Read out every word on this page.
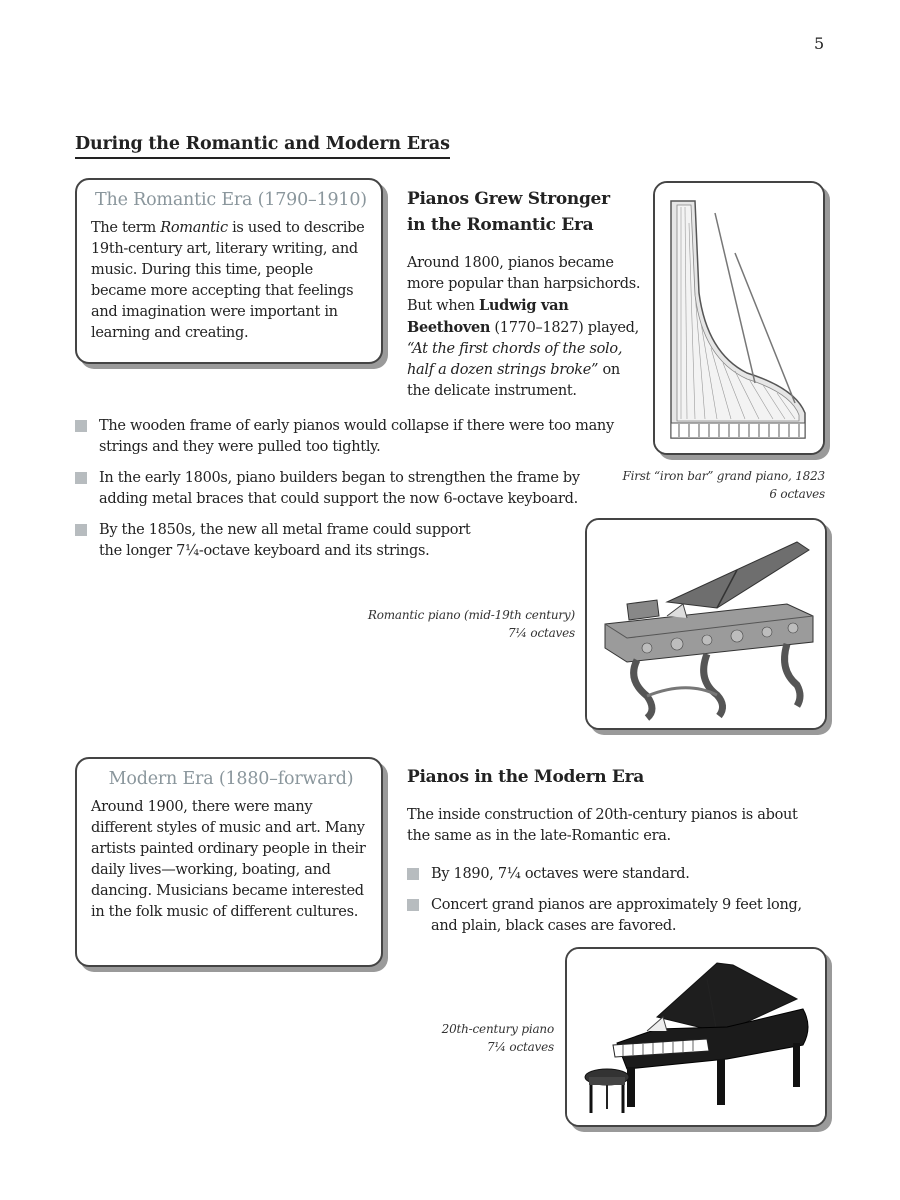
5
During the Romantic and Modern Eras
The Romantic Era (1790–1910)

The term Romantic is used to describe 19th-century art, literary writing, and music. During this time, people became more accepting that feelings and imagination were important in learning and creating.

Pianos Grew Stronger
in the Romantic Era
Around 1800, pianos became more popular than harpsichords. But when Ludwig van Beethoven (1770–1827) played, “At the first chords of the solo, half a dozen strings broke” on the delicate instrument.
First “iron bar” grand piano, 1823
6 octaves
The wooden frame of early pianos would collapse if there were too many strings and they were pulled too tightly.
In the early 1800s, piano builders began to strengthen the frame by adding metal braces that could support the now 6-octave keyboard.
By the 1850s, the new all metal frame could support the longer 7¼-octave keyboard and its strings.
Romantic piano (mid-19th century)
7¼ octaves
Modern Era (1880–forward)

Around 1900, there were many different styles of music and art. Many artists painted ordinary people in their daily lives—working, boating, and dancing. Musicians became interested in the folk music of different cultures.

Pianos in the Modern Era
The inside construction of 20th-century pianos is about the same as in the late-Romantic era.
By 1890, 7¼ octaves were standard.
Concert grand pianos are approximately 9 feet long, and plain, black cases are favored.
20th-century piano
7¼ octaves
